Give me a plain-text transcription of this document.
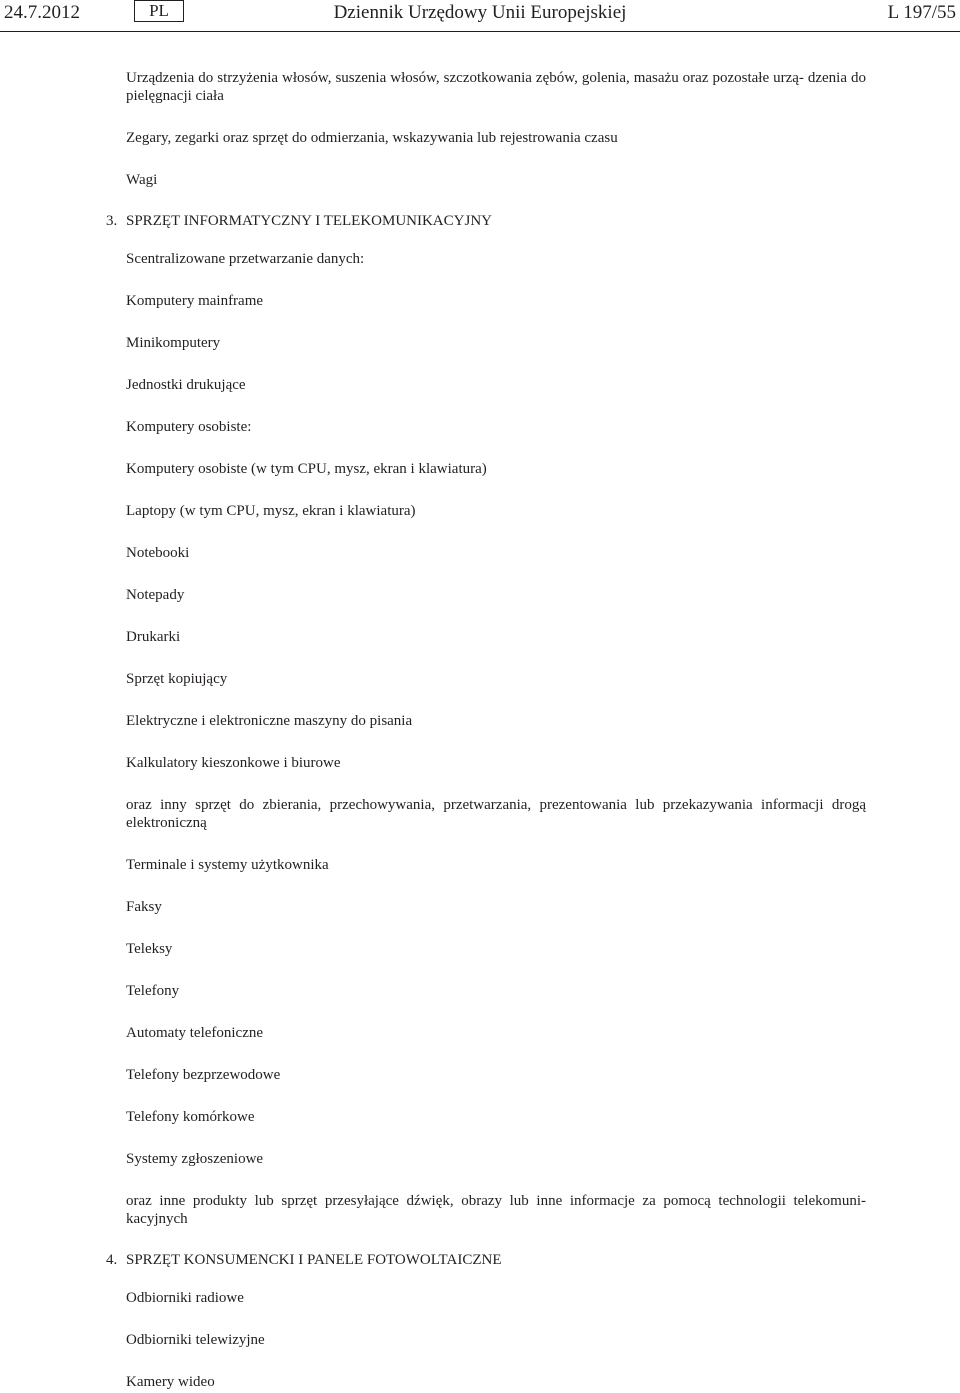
24.7.2012	Dziennik Urzędowy Unii Europejskiej
PL	L 197/55
Urządzenia do strzyżenia włosów, suszenia włosów, szczotkowania zębów, golenia, masażu oraz pozostałe urzą- dzenia do pielęgnacji ciała
Zegary, zegarki oraz sprzęt do odmierzania, wskazywania lub rejestrowania czasu
Wagi
3. SPRZĘT INFORMATYCZNY I TELEKOMUNIKACYJNY
Scentralizowane przetwarzanie danych:
Komputery mainframe
Minikomputery
Jednostki drukujące
Komputery osobiste:
Komputery osobiste (w tym CPU, mysz, ekran i klawiatura)
Laptopy (w tym CPU, mysz, ekran i klawiatura)
Notebooki
Notepady
Drukarki
Sprzęt kopiujący
Elektryczne i elektroniczne maszyny do pisania
Kalkulatory kieszonkowe i biurowe
oraz inny sprzęt do zbierania, przechowywania, przetwarzania, prezentowania lub przekazywania informacji drogą elektroniczną
Terminale i systemy użytkownika
Faksy
Teleksy
Telefony
Automaty telefoniczne
Telefony bezprzewodowe
Telefony komórkowe
Systemy zgłoszeniowe
oraz inne produkty lub sprzęt przesyłające dźwięk, obrazy lub inne informacje za pomocą technologii telekomuni- kacyjnych
4. SPRZĘT KONSUMENCKI I PANELE FOTOWOLTAICZNE
Odbiorniki radiowe
Odbiorniki telewizyjne
Kamery wideo
